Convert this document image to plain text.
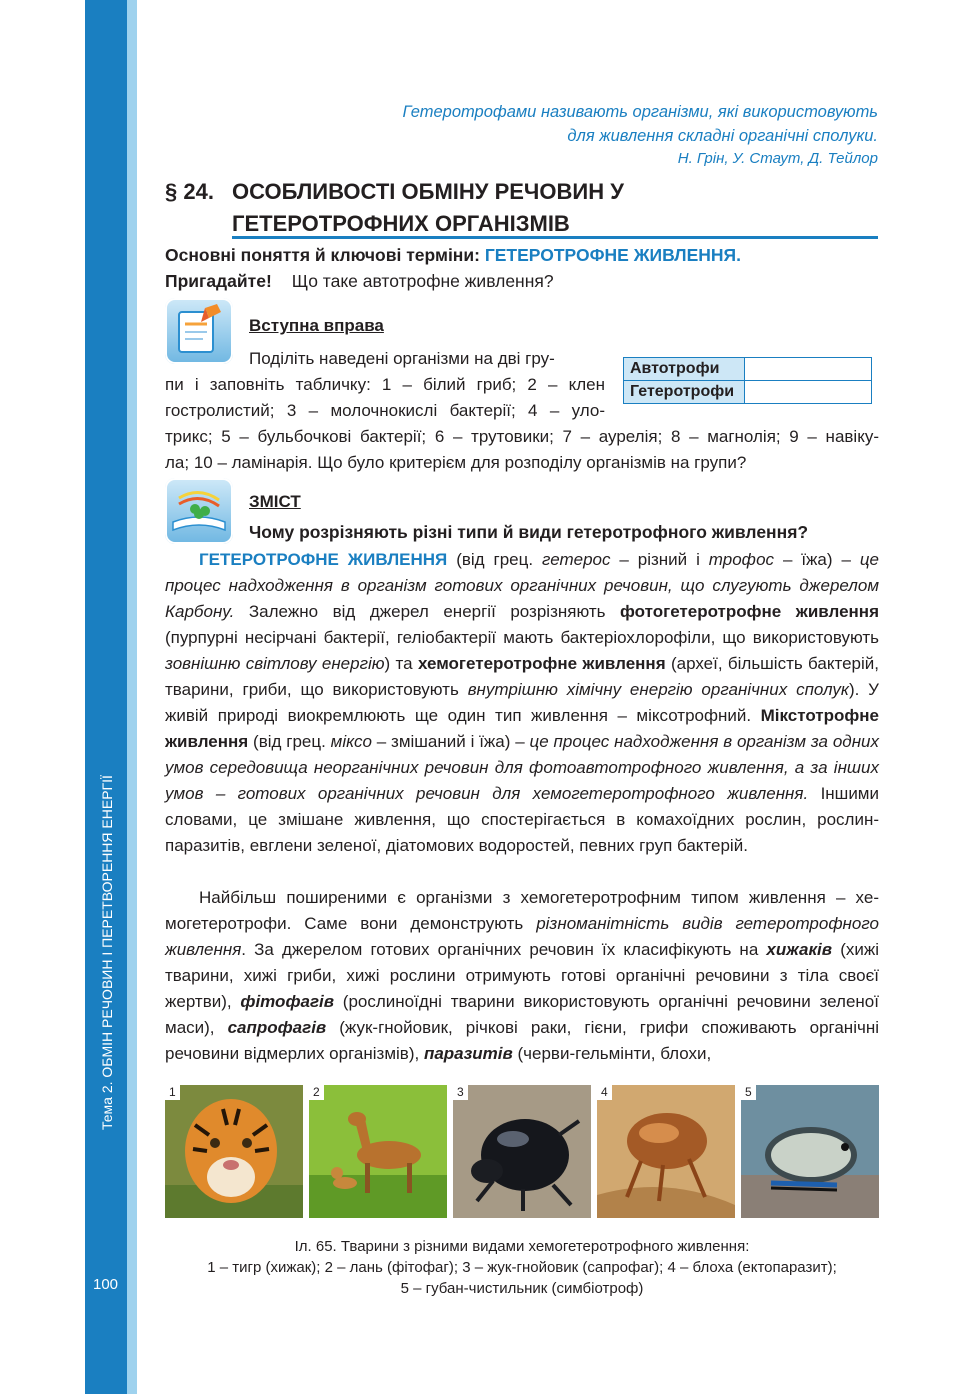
Тема 2. ОБМІН РЕЧОВИН І ПЕРЕТВОРЕННЯ ЕНЕРГІЇ
100
Гетеротрофами називають організми, які використовують
для живлення складні органічні сполуки.
Н. Грін, У. Стаут, Д. Тейлор
§ 24. ОСОБЛИВОСТІ ОБМІНУ РЕЧОВИН У
ГЕТЕРОТРОФНИХ ОРГАНІЗМІВ
Основні поняття й ключові терміни: ГЕТЕРОТРОФНЕ ЖИВЛЕННЯ.
Пригадайте! Що таке автотрофне живлення?
Вступна вправа
Поділіть наведені організми на дві гру-
пи і заповніть табличку: 1 – білий гриб; 2 – клен
гостролистий; 3 – молочнокислі бактерії; 4 – уло-
трикс; 5 – бульбочкові бактерії; 6 – трутовики; 7 – аурелія; 8 – магнолія; 9 – навіку-
ла; 10 – ламінарія. Що було критерієм для розподілу організмів на групи?
Автотрофи	
Гетеротрофи	
ЗМІСТ
Чому розрізняють різні типи й види гетеротрофного живлення?

ГЕТЕРОТРОФНЕ ЖИВЛЕННЯ (від грец. гетерос – різний і трофос – їжа) – це процес надходження в організм готових органічних речовин, що слугують джерелом Карбону. Залежно від джерел енергії розрізняють фотогетеротрофне живлення (пурпурні несірчані бактерії, геліобактерії мають бактеріохлорофіли, що використовують зовнішню світлову енергію) та хемогетеротрофне живлення (археї, більшість бактерій, тварини, гриби, що використовують внутрішню хімічну енергію органічних сполук). У живій природі виокремлюють ще один тип живлення – міксотрофний. Мікстотрофне живлення (від грец. міксо – змішаний і їжа) – це процес надходження в організм за одних умов середовища неорганічних речовин для фотоавтотрофного живлення, а за інших умов – готових органічних речовин для хемогетеротрофного живлення. Іншими словами, це змішане живлення, що спостерігається в комахоїдних рослин, рослин-паразитів, евглени зеленої, діатомових водоростей, певних груп бактерій.

Найбільш поширеними є організми з хемогетеротрофним типом живлення – хемогетеротрофи. Саме вони демонструють різноманітність видів гетеротрофного живлення. За джерелом готових органічних речовин їх класифікують на хижаків (хижі тварини, хижі гриби, хижі рослини отримують готові органічні речовини з тіла своєї жертви), фітофагів (рослиноїдні тварини використовують органічні речовини зеленої маси), сапрофагів (жук-гнойовик, річкові раки, гієни, грифи споживають органічні речовини відмерлих організмів), паразитів (черви-гельмінти, блохи,

1	2	3	4	5
Іл. 65. Тварини з різними видами хемогетеротрофного живлення:
1 – тигр (хижак); 2 – лань (фітофаг); 3 – жук-гнойовик (сапрофаг); 4 – блоха (ектопаразит);
5 – губан-чистильник (симбіотроф)
